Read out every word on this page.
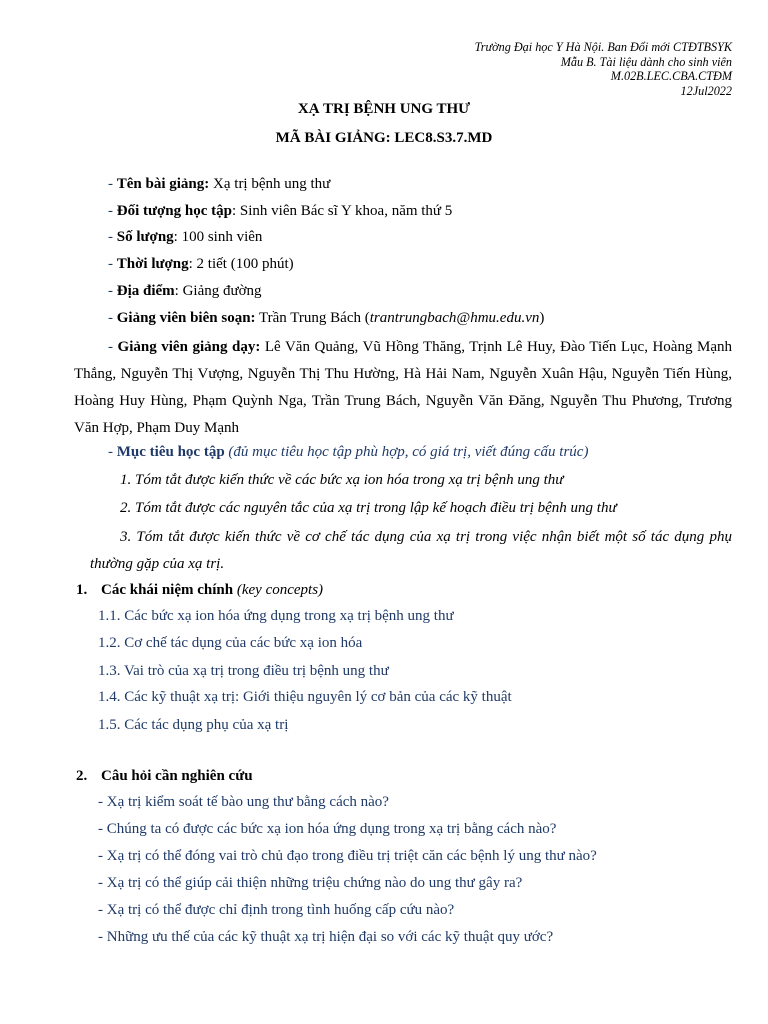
Trường Đại học Y Hà Nội. Ban Đổi mới CTĐTBSYK
Mẫu B. Tài liệu dành cho sinh viên
M.02B.LEC.CBA.CTĐM
12Jul2022
XẠ TRỊ BỆNH UNG THƯ
MÃ BÀI GIẢNG: LEC8.S3.7.MD
- Tên bài giảng: Xạ trị bệnh ung thư
- Đối tượng học tập: Sinh viên Bác sĩ Y khoa, năm thứ 5
- Số lượng: 100 sinh viên
- Thời lượng: 2 tiết (100 phút)
- Địa điểm: Giảng đường
- Giảng viên biên soạn: Trần Trung Bách (trantrungbach@hmu.edu.vn)
- Giảng viên giảng dạy: Lê Văn Quảng, Vũ Hồng Thăng, Trịnh Lê Huy, Đào Tiến Lục, Hoàng Mạnh Thắng, Nguyễn Thị Vượng, Nguyễn Thị Thu Hường, Hà Hải Nam, Nguyễn Xuân Hậu, Nguyễn Tiến Hùng, Hoàng Huy Hùng, Phạm Quỳnh Nga, Trần Trung Bách, Nguyễn Văn Đăng, Nguyễn Thu Phương, Trương Văn Hợp, Phạm Duy Mạnh
- Mục tiêu học tập (đủ mục tiêu học tập phù hợp, có giá trị, viết đúng cấu trúc)
1. Tóm tắt được kiến thức về các bức xạ ion hóa trong xạ trị bệnh ung thư
2. Tóm tắt được các nguyên tắc của xạ trị trong lập kế hoạch điều trị bệnh ung thư
3. Tóm tắt được kiến thức về cơ chế tác dụng của xạ trị trong việc nhận biết một số tác dụng phụ thường gặp của xạ trị.
1. Các khái niệm chính (key concepts)
1.1. Các bức xạ ion hóa ứng dụng trong xạ trị bệnh ung thư
1.2. Cơ chế tác dụng của các bức xạ ion hóa
1.3. Vai trò của xạ trị trong điều trị bệnh ung thư
1.4. Các kỹ thuật xạ trị: Giới thiệu nguyên lý cơ bản của các kỹ thuật
1.5. Các tác dụng phụ của xạ trị
2. Câu hỏi cần nghiên cứu
- Xạ trị kiểm soát tế bào ung thư bằng cách nào?
- Chúng ta có được các bức xạ ion hóa ứng dụng trong xạ trị bằng cách nào?
- Xạ trị có thể đóng vai trò chủ đạo trong điều trị triệt căn các bệnh lý ung thư nào?
- Xạ trị có thể giúp cải thiện những triệu chứng nào do ung thư gây ra?
- Xạ trị có thể được chỉ định trong tình huống cấp cứu nào?
- Những ưu thế của các kỹ thuật xạ trị hiện đại so với các kỹ thuật quy ước?
